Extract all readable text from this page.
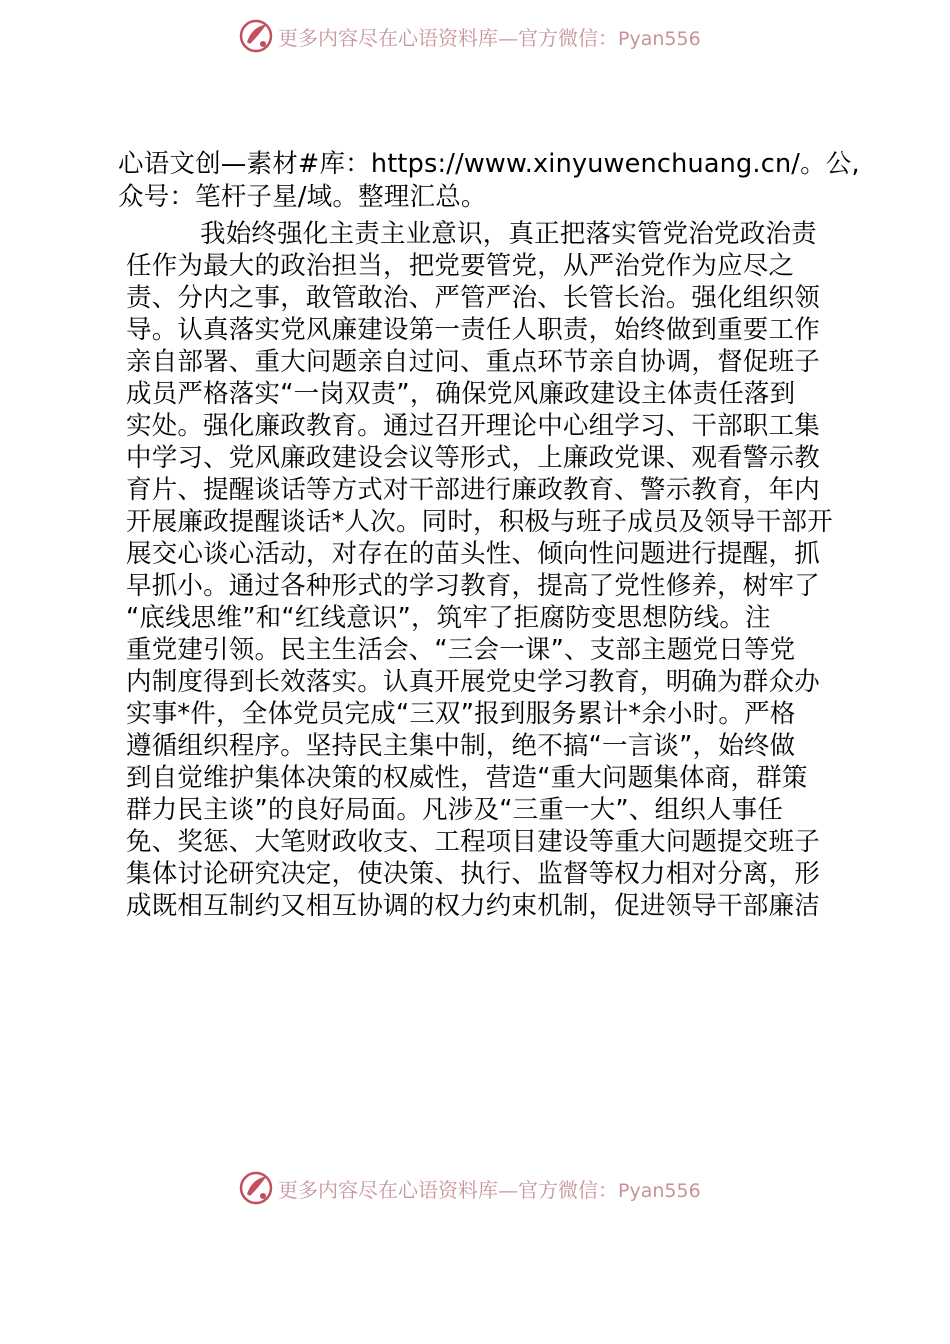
更多内容尽在心语资料库—官方微信：Pyan556
心语文创—素材#库：https://www.xinyuwenchuang.cn/。公,
众号：笔杆子星/域。整理汇总。
我始终强化主责主业意识，真正把落实管党治党政治责
任作为最大的政治担当，把党要管党，从严治党作为应尽之
责、分内之事，敢管敢治、严管严治、长管长治。强化组织领
导。认真落实党风廉建设第一责任人职责，始终做到重要工作
亲自部署、重大问题亲自过问、重点环节亲自协调，督促班子
成员严格落实“一岗双责”，确保党风廉政建设主体责任落到
实处。强化廉政教育。通过召开理论中心组学习、干部职工集
中学习、党风廉政建设会议等形式，上廉政党课、观看警示教
育片、提醒谈话等方式对干部进行廉政教育、警示教育，年内
开展廉政提醒谈话*人次。同时，积极与班子成员及领导干部开
展交心谈心活动，对存在的苗头性、倾向性问题进行提醒，抓
早抓小。通过各种形式的学习教育，提高了党性修养，树牢了
“底线思维”和“红线意识”，筑牢了拒腐防变思想防线。注
重党建引领。民主生活会、“三会一课”、支部主题党日等党
内制度得到长效落实。认真开展党史学习教育，明确为群众办
实事*件，全体党员完成“三双”报到服务累计*余小时。严格
遵循组织程序。坚持民主集中制，绝不搞“一言谈”，始终做
到自觉维护集体决策的权威性，营造“重大问题集体商，群策
群力民主谈”的良好局面。凡涉及“三重一大”、组织人事任
免、奖惩、大笔财政收支、工程项目建设等重大问题提交班子
集体讨论研究决定，使决策、执行、监督等权力相对分离，形
成既相互制约又相互协调的权力约束机制，促进领导干部廉洁
更多内容尽在心语资料库—官方微信：Pyan556
